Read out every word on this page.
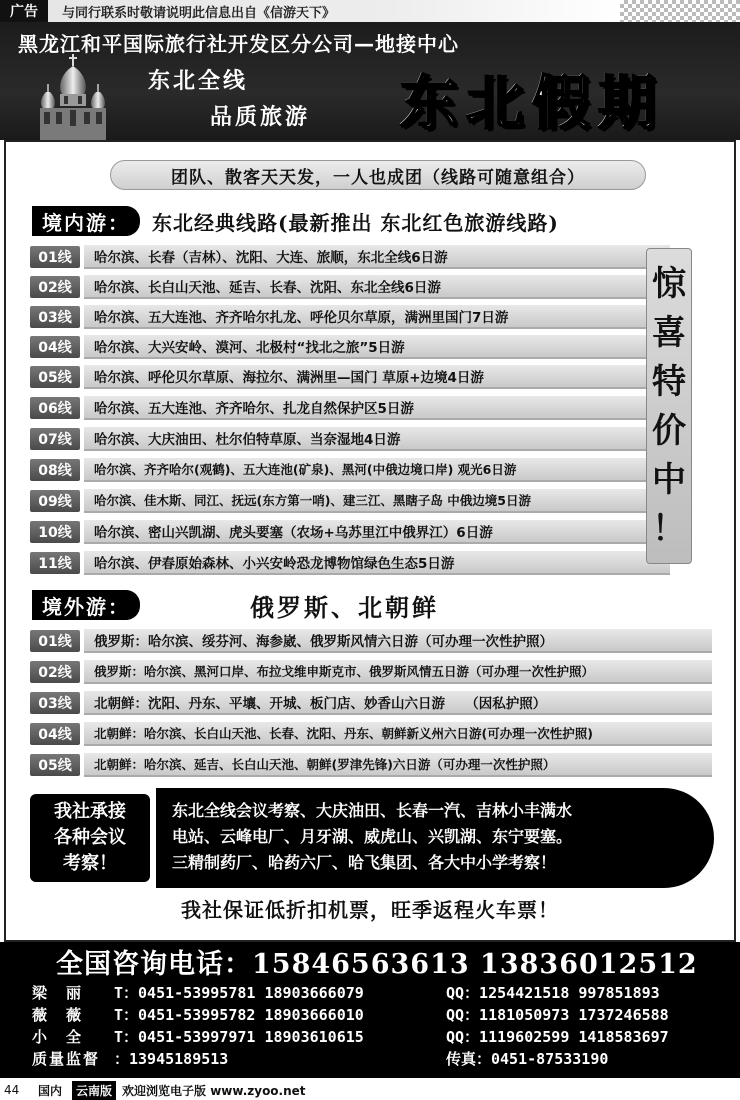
广告	与同行联系时敬请说明此信息出自《信游天下》
黑龙江和平国际旅行社开发区分公司—地接中心
东北全线
品质旅游 东北假期
团队、散客天天发，一人也成团（线路可随意组合）
境内游：	东北经典线路(最新推出 东北红色旅游线路)
01线	哈尔滨、长春（吉林）、沈阳、大连、旅顺，东北全线6日游
02线	哈尔滨、长白山天池、延吉、长春、沈阳、东北全线6日游
03线	哈尔滨、五大连池、齐齐哈尔扎龙、呼伦贝尔草原，满洲里国门7日游
04线	哈尔滨、大兴安岭、漠河、北极村“找北之旅”5日游
05线	哈尔滨、呼伦贝尔草原、海拉尔、满洲里—国门 草原+边境4日游
06线	哈尔滨、五大连池、齐齐哈尔、扎龙自然保护区5日游
07线	哈尔滨、大庆油田、杜尔伯特草原、当奈湿地4日游
08线	哈尔滨、齐齐哈尔(观鹤)、五大连池(矿泉)、黑河(中俄边境口岸) 观光6日游
09线	哈尔滨、佳木斯、同江、抚远(东方第一哨)、建三江、黑瞎子岛 中俄边境5日游
10线	哈尔滨、密山兴凯湖、虎头要塞（农场+乌苏里江中俄界江）6日游
11线	哈尔滨、伊春原始森林、小兴安岭恐龙博物馆绿色生态5日游
惊
喜
特
价
中
！
境外游：	俄罗斯、北朝鲜
01线	俄罗斯：哈尔滨、绥芬河、海参崴、俄罗斯风情六日游（可办理一次性护照）
02线	俄罗斯：哈尔滨、黑河口岸、布拉戈维申斯克市、俄罗斯风情五日游（可办理一次性护照）
03线	北朝鲜：沈阳、丹东、平壤、开城、板门店、妙香山六日游　　（因私护照）
04线	北朝鲜：哈尔滨、长白山天池、长春、沈阳、丹东、朝鲜新义州六日游(可办理一次性护照)
05线	北朝鲜：哈尔滨、延吉、长白山天池、朝鲜(罗津先锋)六日游（可办理一次性护照）
我社承接
各种会议
考察！
东北全线会议考察、大庆油田、长春一汽、吉林小丰满水
电站、云峰电厂、月牙湖、威虎山、兴凯湖、东宁要塞。
三精制药厂、哈药六厂、哈飞集团、各大中小学考察！
我社保证低折扣机票，旺季返程火车票！
全国咨询电话：15846563613 13836012512
梁　丽 T：0451-53995781 18903666079	QQ：1254421518 997851893
薇　薇 T：0451-53995782 18903666010	QQ：1181050973 1737246588
小　全 T：0451-53997971 18903610615	QQ：1119602599 1418583697
质量监督 ：13945189513	传真：0451-87533190
44	国内	云南版 欢迎浏览电子版 www.zyoo.net
